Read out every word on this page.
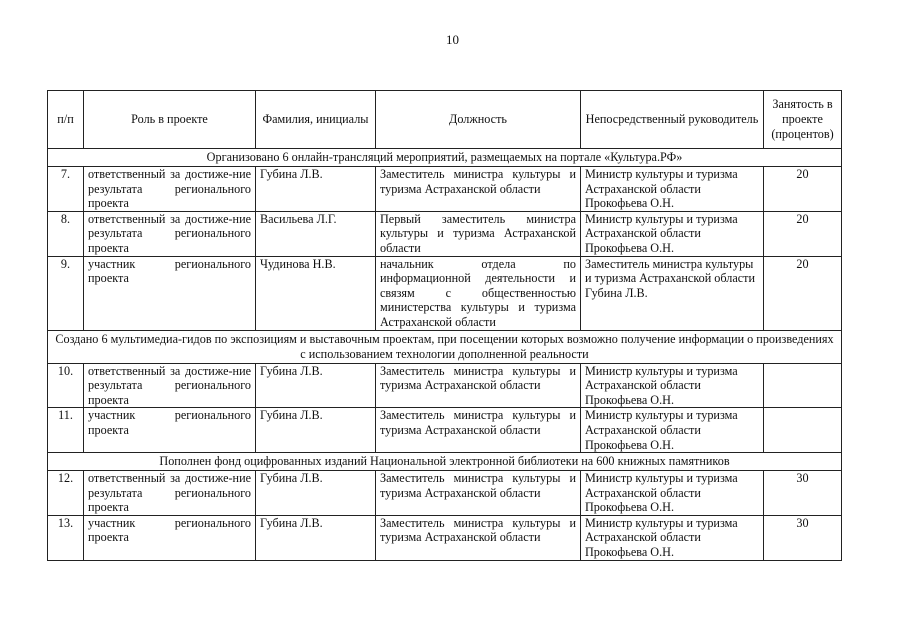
10
п/п	Роль в проекте	Фамилия, инициалы	Должность	Непосредственный руководитель	Занятость в проекте (процентов)
Организовано 6 онлайн-трансляций мероприятий, размещаемых на портале «Культура.РФ»					
7.	ответственный за достиже-ние результата регионального проекта	Губина Л.В.	Заместитель министра культуры и туризма Астраханской области	Министр культуры и туризма Астраханской области Прокофьева О.Н.	20
8.	ответственный за достиже-ние результата регионального проекта	Васильева Л.Г.	Первый заместитель министра культуры и туризма Астраханской области	Министр культуры и туризма Астраханской области Прокофьева О.Н.	20
9.	участник регионального проекта	Чудинова Н.В.	начальник отдела по информационной деятельности и связям с общественностью министерства культуры и туризма Астраханской области	Заместитель министра культуры и туризма Астраханской области Губина Л.В.	20
Создано 6 мультимедиа-гидов по экспозициям и выставочным проектам, при посещении которых возможно получение информации о произведениях с использованием технологии дополненной реальности					
10.	ответственный за достиже-ние результата регионального проекта	Губина Л.В.	Заместитель министра культуры и туризма Астраханской области	Министр культуры и туризма Астраханской области Прокофьева О.Н.	
11.	участник регионального проекта	Губина Л.В.	Заместитель министра культуры и туризма Астраханской области	Министр культуры и туризма Астраханской области Прокофьева О.Н.	
Пополнен фонд оцифрованных изданий Национальной электронной библиотеки на 600 книжных памятников					
12.	ответственный за достиже-ние результата регионального проекта	Губина Л.В.	Заместитель министра культуры и туризма Астраханской области	Министр культуры и туризма Астраханской области Прокофьева О.Н.	30
13.	участник регионального проекта	Губина Л.В.	Заместитель министра культуры и туризма Астраханской области	Министр культуры и туризма Астраханской области Прокофьева О.Н.	30
